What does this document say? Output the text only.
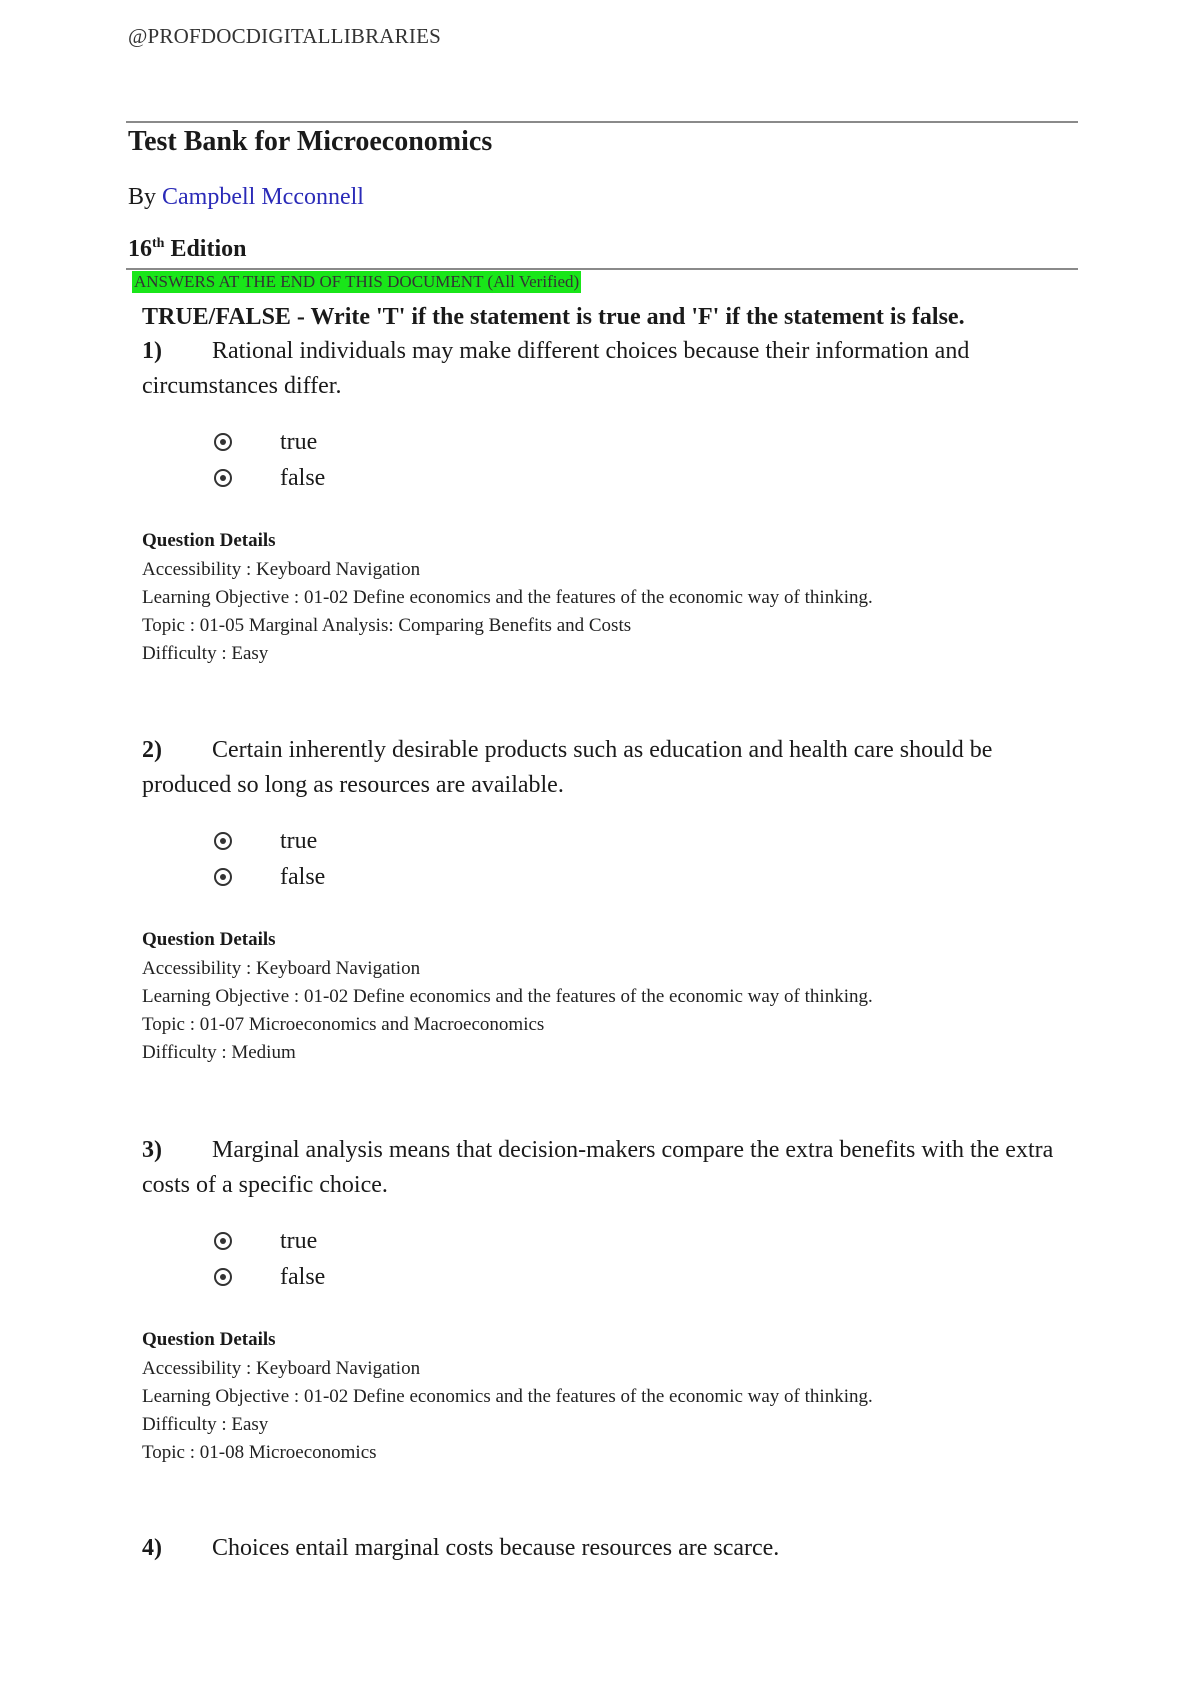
@PROFDOCDIGITALLIBRARIES
Test Bank for Microeconomics
By Campbell Mcconnell
16th Edition
ANSWERS AT THE END OF THIS DOCUMENT (All Verified)
TRUE/FALSE - Write 'T' if the statement is true and 'F' if the statement is false.

1) Rational individuals may make different choices because their information and circumstances differ.

true
false

Question Details

Accessibility : Keyboard Navigation
Learning Objective : 01-02 Define economics and the features of the economic way of thinking.
Topic : 01-05 Marginal Analysis: Comparing Benefits and Costs
Difficulty : Easy

2) Certain inherently desirable products such as education and health care should be produced so long as resources are available.

true
false

Question Details

Accessibility : Keyboard Navigation
Learning Objective : 01-02 Define economics and the features of the economic way of thinking.
Topic : 01-07 Microeconomics and Macroeconomics
Difficulty : Medium

3) Marginal analysis means that decision-makers compare the extra benefits with the extra costs of a specific choice.

true
false

Question Details

Accessibility : Keyboard Navigation
Learning Objective : 01-02 Define economics and the features of the economic way of thinking.
Difficulty : Easy
Topic : 01-08 Microeconomics

4) Choices entail marginal costs because resources are scarce.
